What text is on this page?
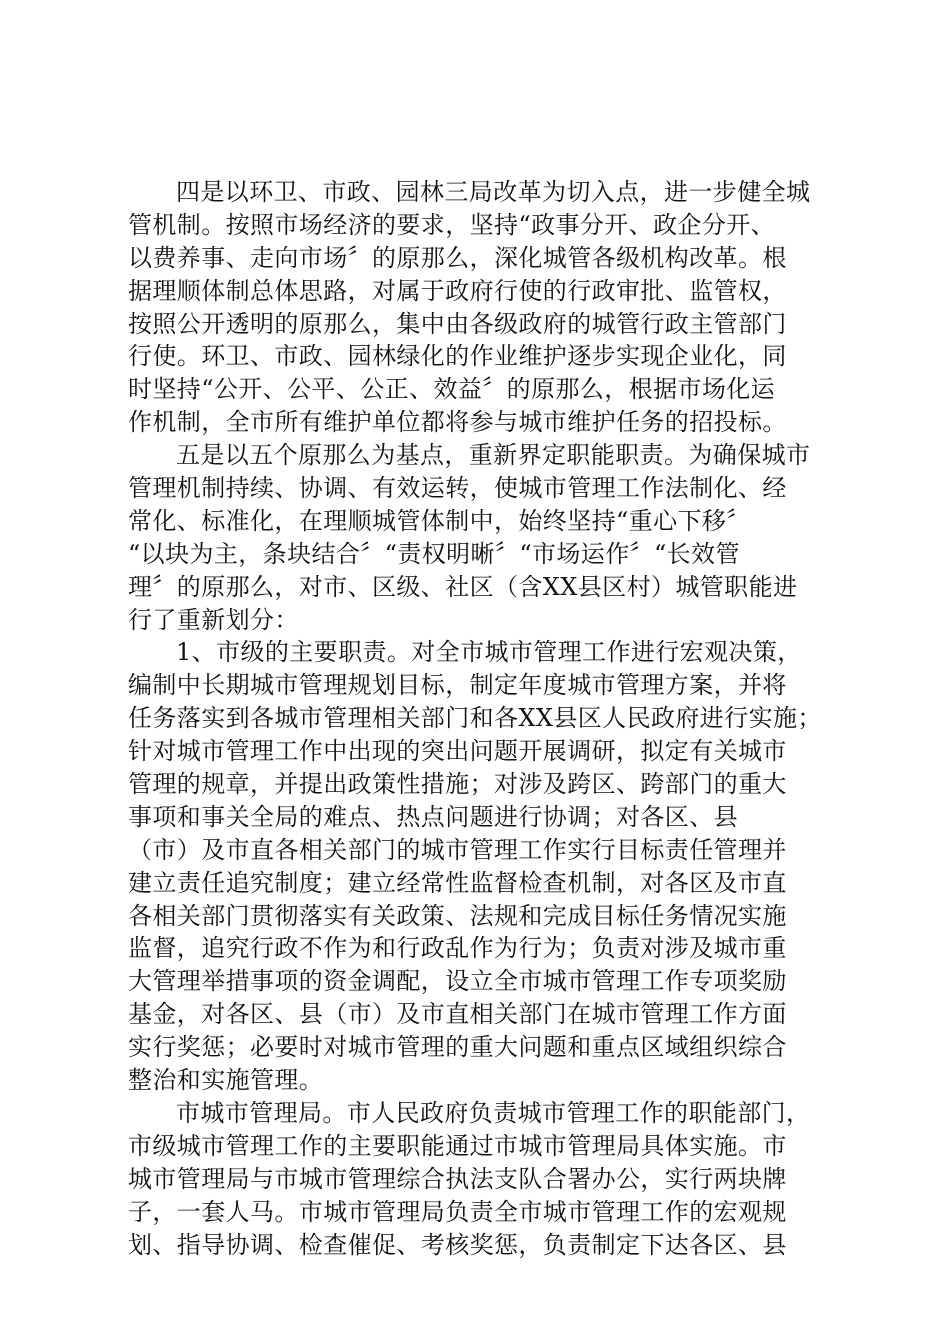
四是以环卫、市政、园林三局改革为切入点，进一步健全城
管机制。按照市场经济的要求，坚持“政事分开、政企分开、
以费养事、走向市场〞的原那么，深化城管各级机构改革。根
据理顺体制总体思路，对属于政府行使的行政审批、监管权，
按照公开透明的原那么，集中由各级政府的城管行政主管部门
行使。环卫、市政、园林绿化的作业维护逐步实现企业化，同
时坚持“公开、公平、公正、效益〞的原那么，根据市场化运
作机制，全市所有维护单位都将参与城市维护任务的招投标。
五是以五个原那么为基点，重新界定职能职责。为确保城市
管理机制持续、协调、有效运转，使城市管理工作法制化、经
常化、标准化，在理顺城管体制中，始终坚持“重心下移〞
“以块为主，条块结合〞“责权明晰〞“市场运作〞“长效管
理〞的原那么，对市、区级、社区（含XX县区村）城管职能进
行了重新划分：
1、市级的主要职责。对全市城市管理工作进行宏观决策，
编制中长期城市管理规划目标，制定年度城市管理方案，并将
任务落实到各城市管理相关部门和各XX县区人民政府进行实施；
针对城市管理工作中出现的突出问题开展调研，拟定有关城市
管理的规章，并提出政策性措施；对涉及跨区、跨部门的重大
事项和事关全局的难点、热点问题进行协调；对各区、县
（市）及市直各相关部门的城市管理工作实行目标责任管理并
建立责任追究制度；建立经常性监督检查机制，对各区及市直
各相关部门贯彻落实有关政策、法规和完成目标任务情况实施
监督，追究行政不作为和行政乱作为行为；负责对涉及城市重
大管理举措事项的资金调配，设立全市城市管理工作专项奖励
基金，对各区、县（市）及市直相关部门在城市管理工作方面
实行奖惩；必要时对城市管理的重大问题和重点区域组织综合
整治和实施管理。
市城市管理局。市人民政府负责城市管理工作的职能部门，
市级城市管理工作的主要职能通过市城市管理局具体实施。市
城市管理局与市城市管理综合执法支队合署办公，实行两块牌
子，一套人马。市城市管理局负责全市城市管理工作的宏观规
划、指导协调、检查催促、考核奖惩，负责制定下达各区、县
